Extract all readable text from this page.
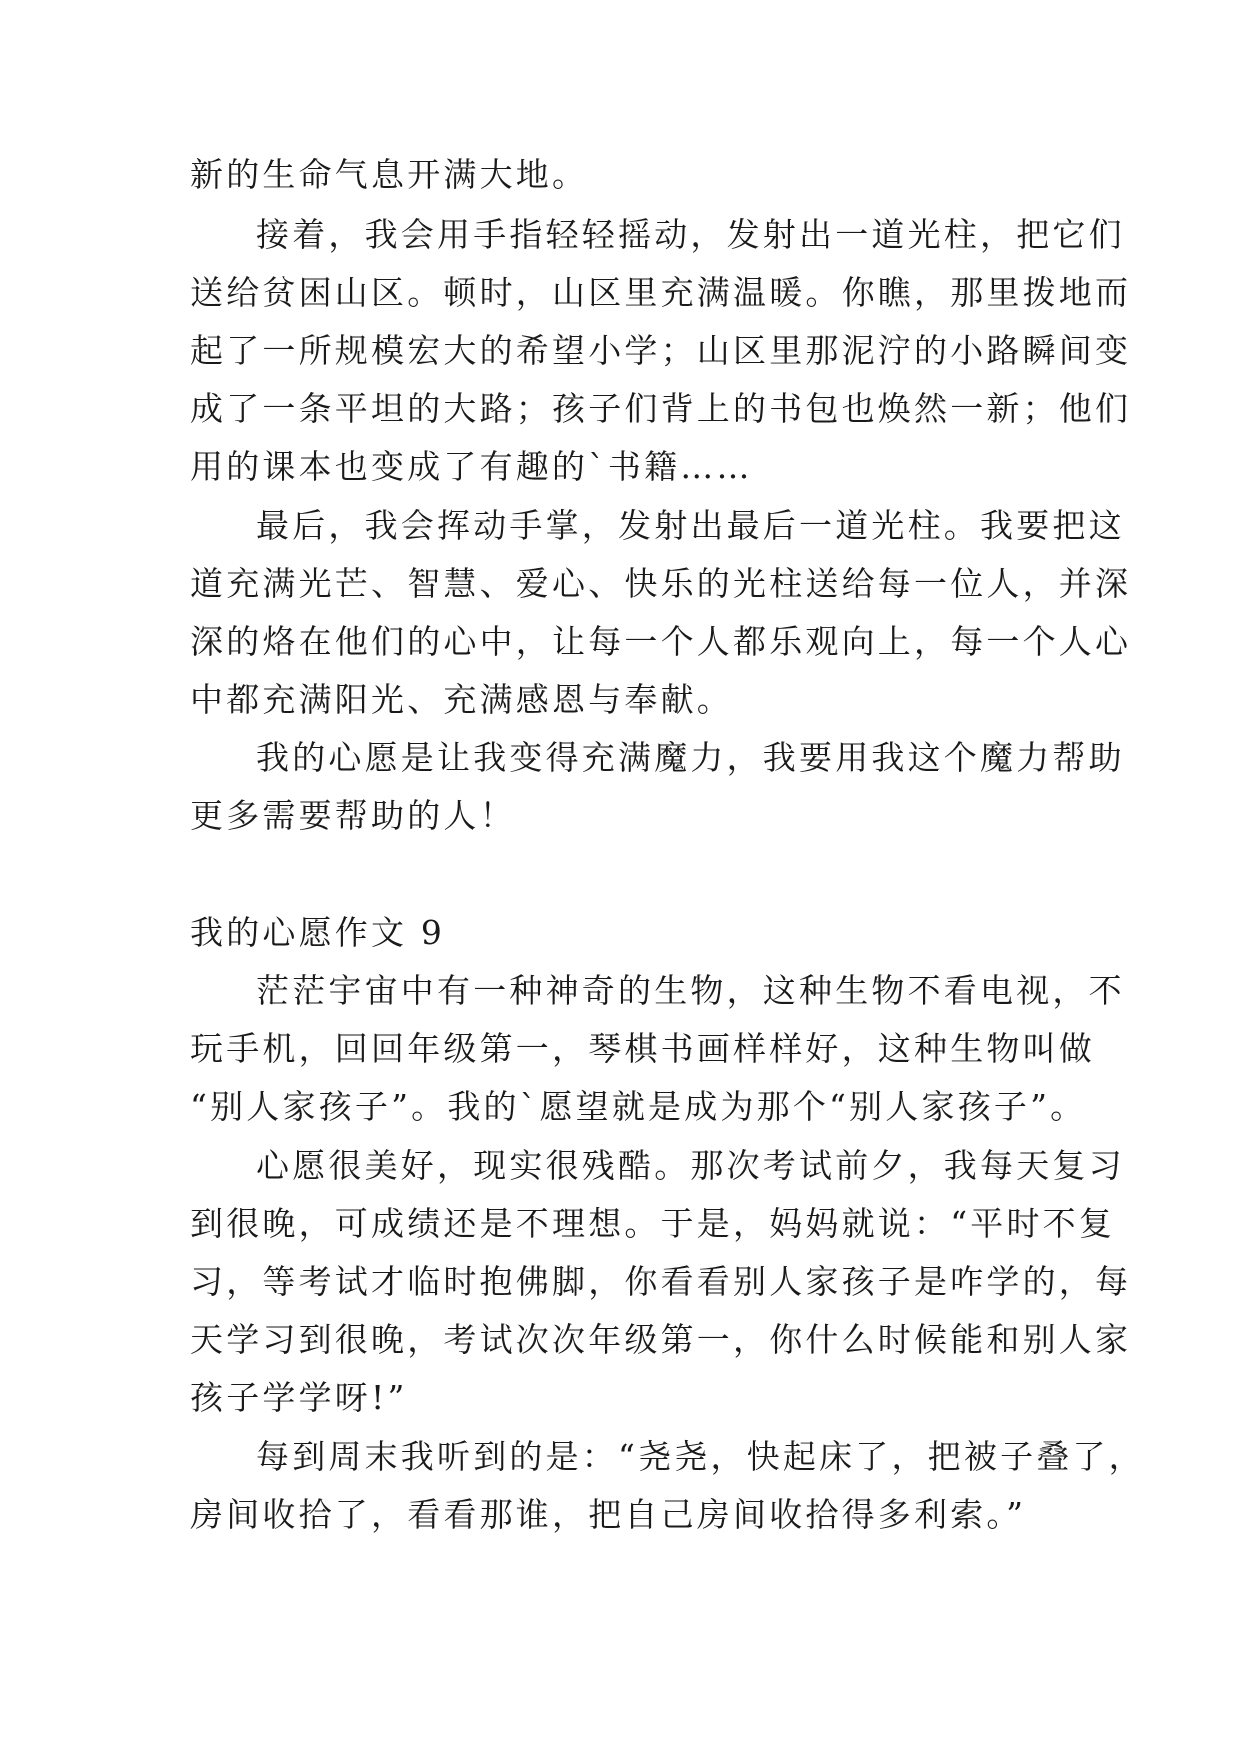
新的生命气息开满大地。
接着，我会用手指轻轻摇动，发射出一道光柱，把它们
送给贫困山区。顿时，山区里充满温暖。你瞧，那里拨地而
起了一所规模宏大的希望小学；山区里那泥泞的小路瞬间变
成了一条平坦的大路；孩子们背上的书包也焕然一新；他们
用的课本也变成了有趣的`书籍……
最后，我会挥动手掌，发射出最后一道光柱。我要把这
道充满光芒、智慧、爱心、快乐的光柱送给每一位人，并深
深的烙在他们的心中，让每一个人都乐观向上，每一个人心
中都充满阳光、充满感恩与奉献。
我的心愿是让我变得充满魔力，我要用我这个魔力帮助
更多需要帮助的人！
我的心愿作文 9
茫茫宇宙中有一种神奇的生物，这种生物不看电视，不
玩手机，回回年级第一，琴棋书画样样好，这种生物叫做
“别人家孩子”。我的`愿望就是成为那个“别人家孩子”。
心愿很美好，现实很残酷。那次考试前夕，我每天复习
到很晚，可成绩还是不理想。于是，妈妈就说：“平时不复
习，等考试才临时抱佛脚，你看看别人家孩子是咋学的，每
天学习到很晚，考试次次年级第一，你什么时候能和别人家
孩子学学呀!”
每到周末我听到的是：“尧尧，快起床了，把被子叠了，
房间收拾了，看看那谁，把自己房间收拾得多利索。”
